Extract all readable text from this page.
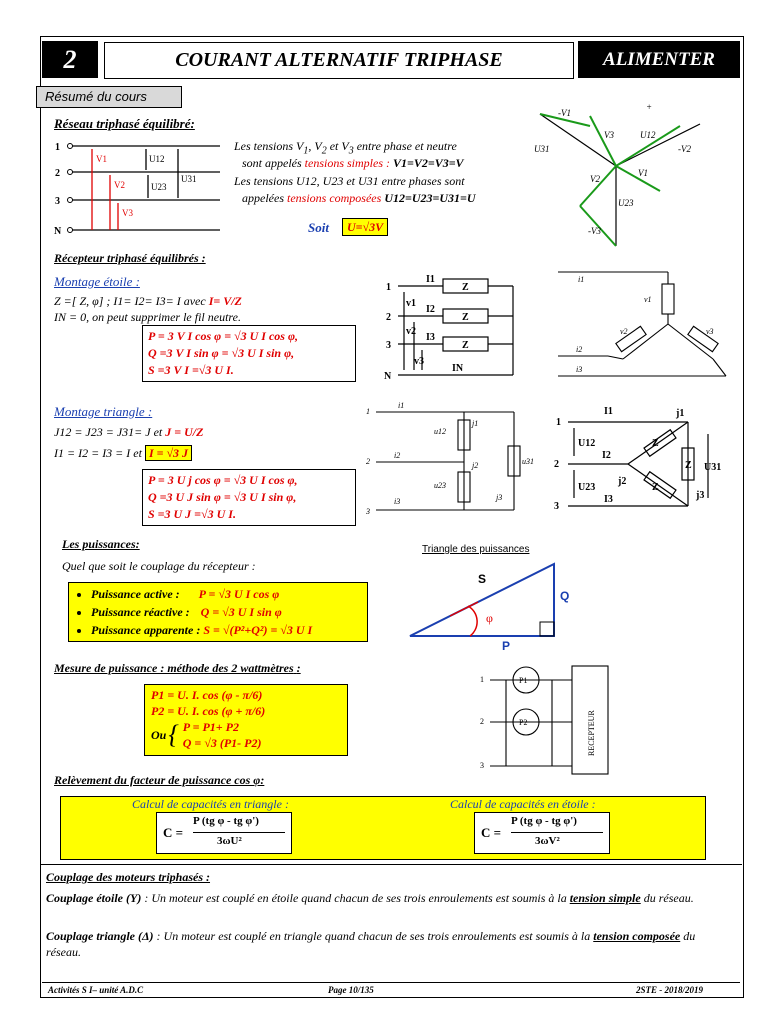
2	COURANT ALTERNATIF TRIPHASE	ALIMENTER
Résumé du cours
Réseau triphasé équilibré:
1
2
3
N
V1
V2
V3
U12
U23
U31
Les tensions $V_1$, $V_2$ et $V_3$ entre phase et neutre
sont appelés tensions simples : V1=V2=V3=V
Les tensions U12, U23 et U31 entre phases sont
appelées tensions composées U12=U23=U31=U
Soit	U=√3V
-V1
V3	U12
U31	-V2
V2
V1
U23
-V3
+
Récepteur triphasé équilibrés :
Montage étoile :
Z =[ Z, φ] ; I1= I2= I3= I avec I= V/Z
IN = 0, on peut supprimer le fil neutre.
P = 3 V I cos φ = √3 U I cos φ,
Q =3 V I sin φ = √3 U I sin φ,
S =3 V I =√3 U I.
1
2
3
N
I1
I2
I3
IN
v1
v2
v3
Z
Z
Z
i1
v1
v2	v3
i2
i3
Montage triangle :
J12 = J23 = J31= J et J = U/Z
I1 = I2 = I3 = I et I = √3 J
P = 3 U j cos φ = √3 U I cos φ,
Q =3 U J sin φ = √3 U I sin φ,
S =3 U J =√3 U I.
1
2
3
i1
i2
i3
j1
j2
j3
u12
u23
u31
1
2
3
I1
I2
I3
j1
j2
j3
U12
U23
U31
Z
Z
Z
Les puissances:
Quel que soit le couplage du récepteur :
• Puissance active : P = √3 U I cos φ
• Puissance réactive : Q = √3 U I sin φ
• Puissance apparente : S = √(P²+Q²) = √3 U I
Triangle des puissances
S
Q
P
φ
Mesure de puissance : méthode des 2 wattmètres :
P1 = U. I. cos (φ - π/6)
P2 = U. I. cos (φ + π/6)
Ou { P = P1+ P2
Q = √3 (P1- P2)
1
2
3
P1
P2	RECEPTEUR
Relèvement du facteur de puissance cos φ:
Calcul de capacités en triangle :	Calcul de capacités en étoile :
C =
P (tg φ - tg φ')
3ωU²
C =
P (tg φ - tg φ')
3ωV²
Couplage des moteurs triphasés :
Couplage étoile (Y) : Un moteur est couplé en étoile quand chacun de ses trois enroulements est soumis à la tension simple du réseau.
Couplage triangle (Δ) : Un moteur est couplé en triangle quand chacun de ses trois enroulements est soumis à la tension composée du réseau.
Activités S I– unité A.D.C	Page 10/135	2STE - 2018/2019
